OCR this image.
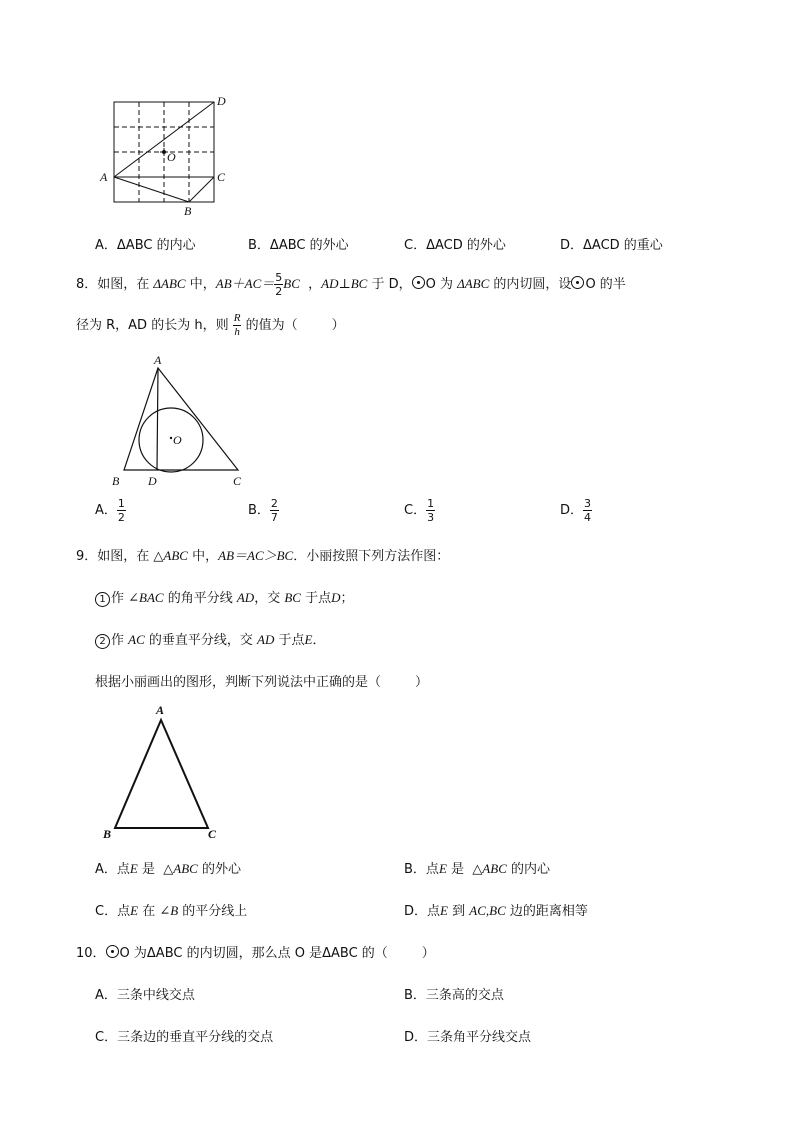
A
B
C
D
O
A．ΔABC 的内心	B．ΔABC 的外心	C．ΔACD 的外心	D．ΔACD 的重心
8．如图，在 ΔABC 中，$AB+AC= \frac{5}{2}$ BC ，AD⊥BC 于 D， O 为 ΔABC 的内切圆，设 O 的半
径为 R，AD 的长为 h，则 $\frac{R}{h}$ 的值为（	）
A
B D	C
O
A． $\frac{1}{2}$	B． $\frac{2}{7}$	C． $\frac{1}{3}$	D． $\frac{3}{4}$
9．如图，在 △ABC 中，AB＝AC＞BC．小丽按照下列方法作图：
1 作 ∠BAC 的角平分线 AD，交 BC 于点D；
2 作 AC 的垂直平分线，交 AD 于点E．
根据小丽画出的图形，判断下列说法中正确的是（	）
A
B	C
A．点E 是  △ABC 的外心	B．点E 是  △ABC 的内心
C．点E 在 ∠B 的平分线上	D．点E 到 AC,BC 边的距离相等
10． O 为ΔABC 的内切圆，那么点 O 是ΔABC 的（	）
A．三条中线交点	B．三条高的交点
C．三条边的垂直平分线的交点	D．三条角平分线交点
